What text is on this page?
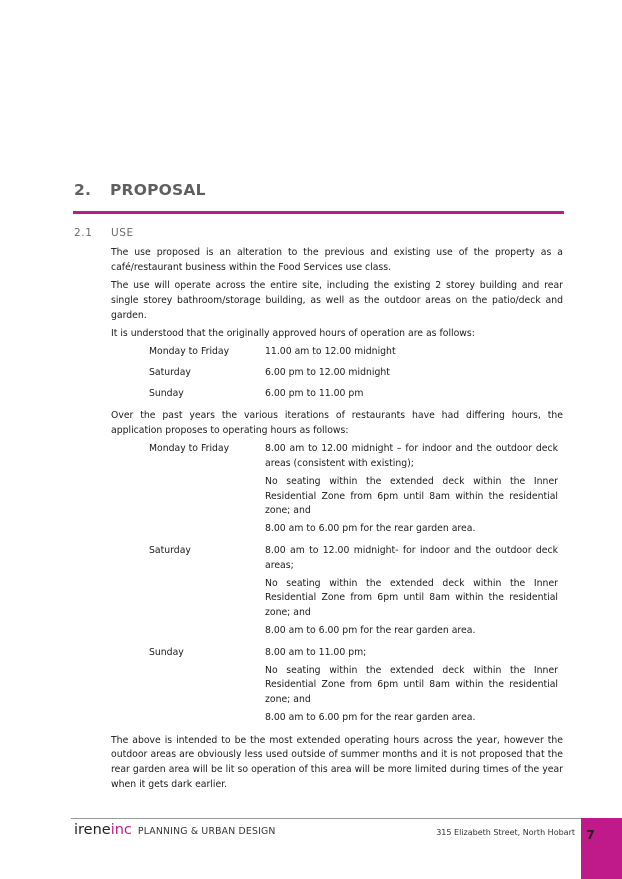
2. PROPOSAL
2.1 USE

The use proposed is an alteration to the previous and existing use of the property as a café/restaurant business within the Food Services use class.

The use will operate across the entire site, including the existing 2 storey building and rear single storey bathroom/storage building, as well as the outdoor areas on the patio/deck and garden.

It is understood that the originally approved hours of operation are as follows:

Monday to Friday	11.00 am to 12.00 midnight
Saturday	6.00 pm to 12.00 midnight
Sunday	6.00 pm to 11.00 pm

Over the past years the various iterations of restaurants have had differing hours, the application proposes to operating hours as follows:

Monday to Friday	8.00 am to 12.00 midnight – for indoor and the outdoor deck areas (consistent with existing);

No seating within the extended deck within the Inner Residential Zone from 6pm until 8am within the residential zone; and

8.00 am to 6.00 pm for the rear garden area.

Saturday	8.00 am to 12.00 midnight- for indoor and the outdoor deck areas;

No seating within the extended deck within the Inner Residential Zone from 6pm until 8am within the residential zone; and

8.00 am to 6.00 pm for the rear garden area.

Sunday	8.00 am to 11.00 pm;

No seating within the extended deck within the Inner Residential Zone from 6pm until 8am within the residential zone; and

8.00 am to 6.00 pm for the rear garden area.

The above is intended to be the most extended operating hours across the year, however the outdoor areas are obviously less used outside of summer months and it is not proposed that the rear garden area will be lit so operation of this area will be more limited during times of the year when it gets dark earlier.

ireneinc PLANNING & URBAN DESIGN	315 Elizabeth Street, North Hobart 7
